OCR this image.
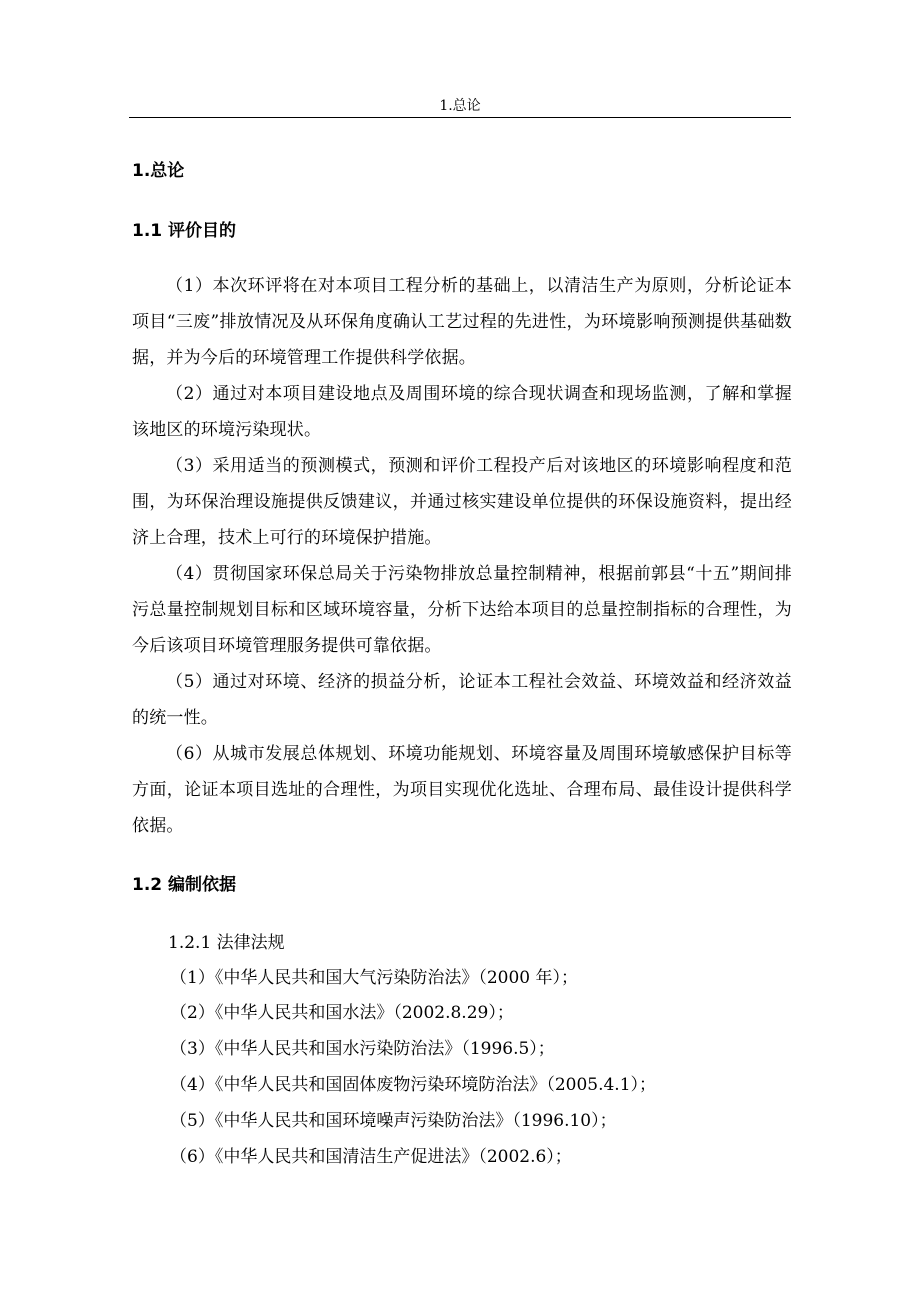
1.总论
1.总论
1.1 评价目的
（1）本次环评将在对本项目工程分析的基础上，以清洁生产为原则，分析论证本项目“三废”排放情况及从环保角度确认工艺过程的先进性，为环境影响预测提供基础数据，并为今后的环境管理工作提供科学依据。
（2）通过对本项目建设地点及周围环境的综合现状调查和现场监测，了解和掌握该地区的环境污染现状。
（3）采用适当的预测模式，预测和评价工程投产后对该地区的环境影响程度和范围，为环保治理设施提供反馈建议，并通过核实建设单位提供的环保设施资料，提出经济上合理，技术上可行的环境保护措施。
（4）贯彻国家环保总局关于污染物排放总量控制精神，根据前郭县“十五”期间排污总量控制规划目标和区域环境容量，分析下达给本项目的总量控制指标的合理性，为今后该项目环境管理服务提供可靠依据。
（5）通过对环境、经济的损益分析，论证本工程社会效益、环境效益和经济效益的统一性。
（6）从城市发展总体规划、环境功能规划、环境容量及周围环境敏感保护目标等方面，论证本项目选址的合理性，为项目实现优化选址、合理布局、最佳设计提供科学依据。
1.2 编制依据
1.2.1 法律法规
（1）《中华人民共和国大气污染防治法》（2000 年）；
（2）《中华人民共和国水法》（2002.8.29）；
（3）《中华人民共和国水污染防治法》（1996.5）；
（4）《中华人民共和国固体废物污染环境防治法》（2005.4.1）；
（5）《中华人民共和国环境噪声污染防治法》（1996.10）；
（6）《中华人民共和国清洁生产促进法》（2002.6）；
